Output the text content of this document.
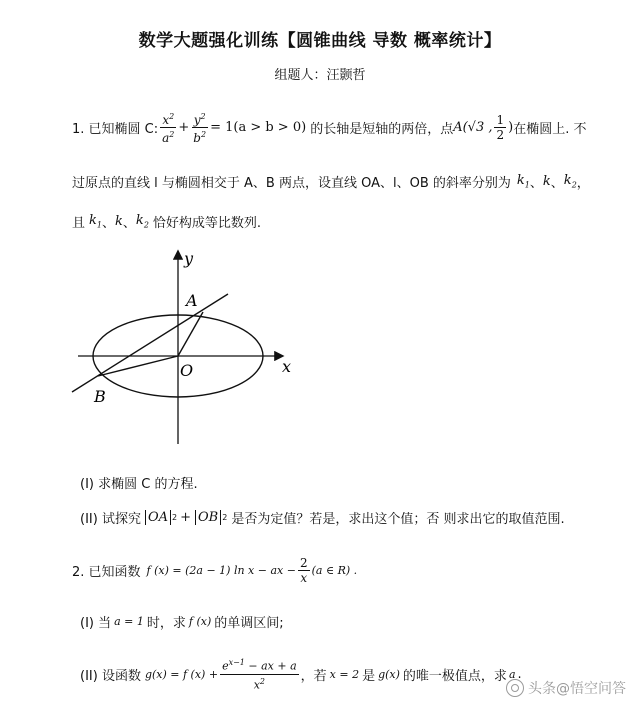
数学大题强化训练【圆锥曲线 导数 概率统计】
组题人：汪颢哲
1. 已知椭圆 C: $\frac{x^2}{a^2} + \frac{y^2}{b^2} = 1(a > b > 0)$ 的长轴是短轴的两倍，点 A(√3 , $\frac{1}{2}$ ) 在椭圆上. 不
过原点的直线 l 与椭圆相交于 A、B 两点，设直线 OA、l、OB 的斜率分别为 $k_1$ 、 k 、 $k_2$ ，
且 $k_1$ 、 k 、 $k_2$ 恰好构成等比数列.
y
x
A
B
O
(I) 求椭圆 C 的方程.
(II) 试探究 OA 2 + OB 2 是否为定值？若是，求出这个值；否 则求出它的取值范围.
2. 已知函数 f (x) = (2a − 1) ln x − ax − $\frac{2}{x} (a$ ∈ R) .
(I) 当 a = 1 时，求 f (x) 的单调区间;
(II) 设函数 g(x) = f $(x) + \frac{e^{x-1} - ax + a}{x^2}$ ，若 x = 2 是 g(x) 的唯一极值点，求 a .
头条@悟空问答
